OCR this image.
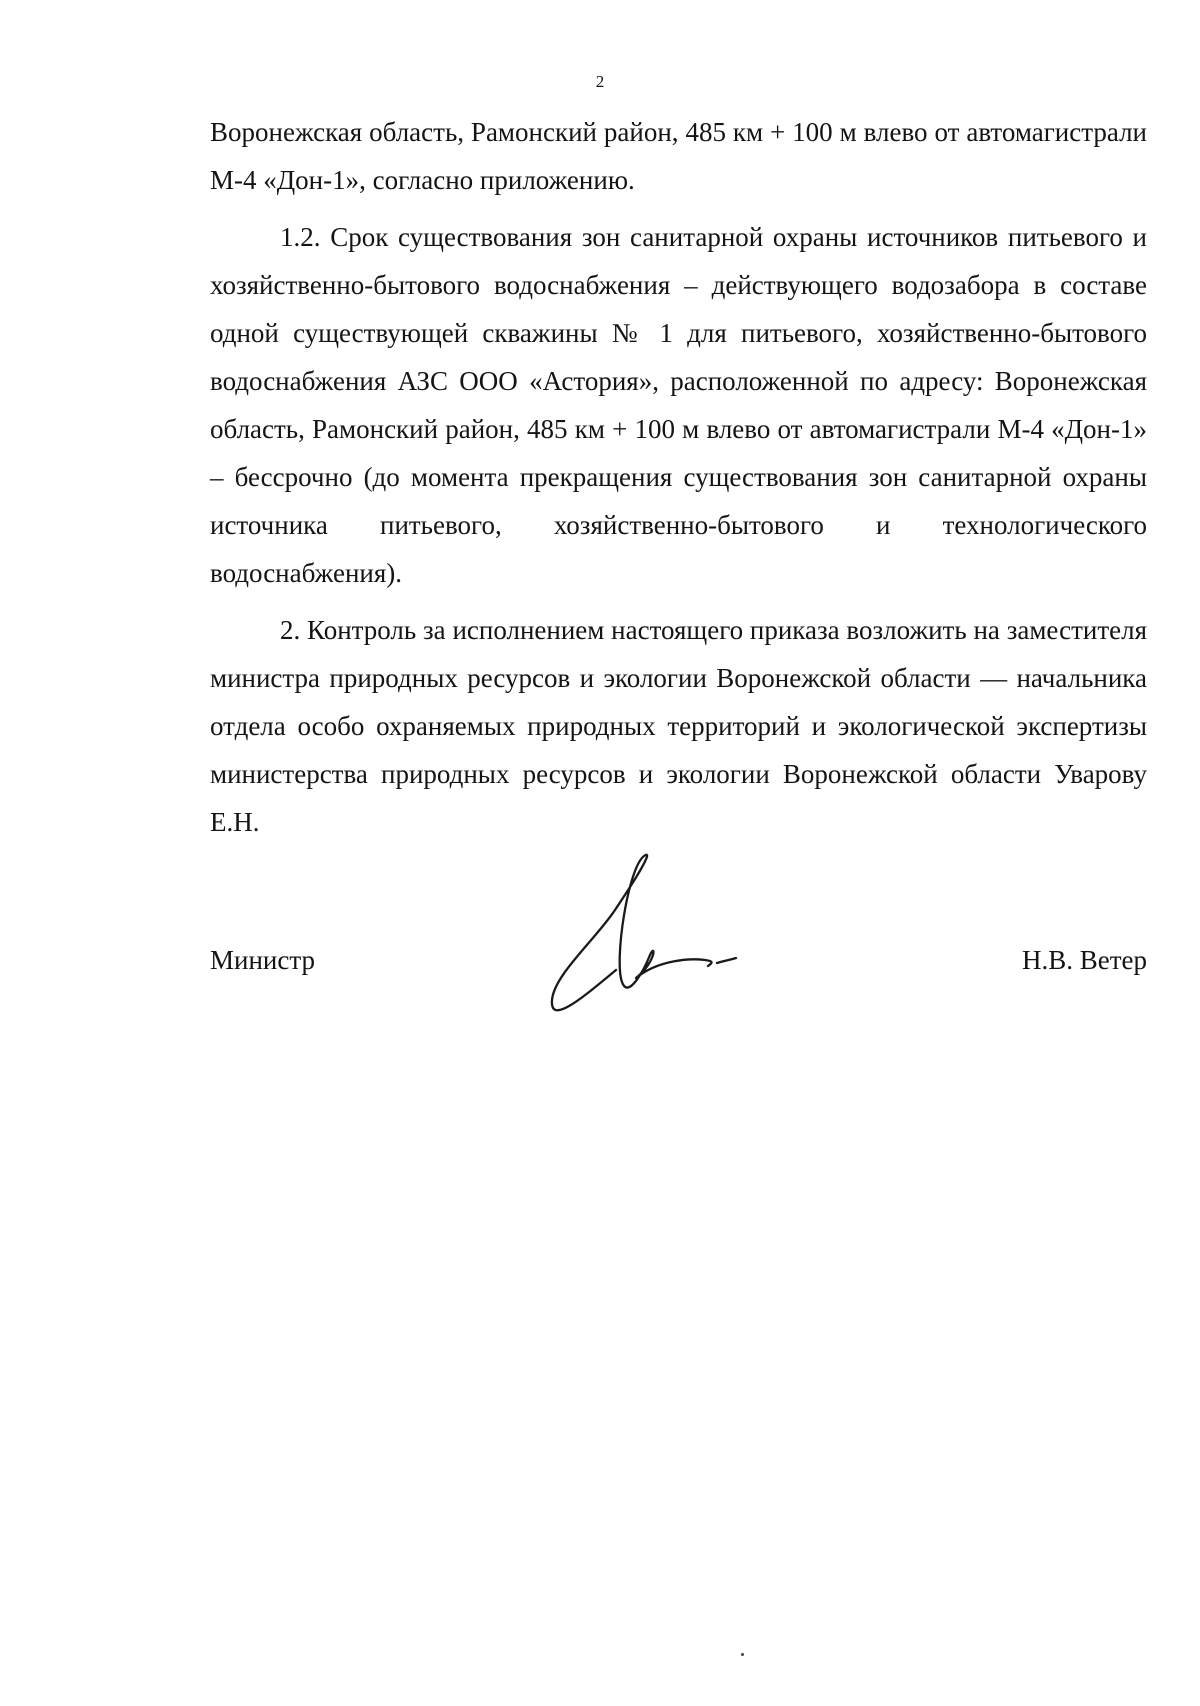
2

Воронежская область, Рамонский район, 485 км + 100 м влево от автомагистрали М-4 «Дон-1», согласно приложению.

1.2. Срок существования зон санитарной охраны источников питьевого и хозяйственно-бытового водоснабжения – действующего водозабора в составе одной существующей скважины № 1 для питьевого, хозяйственно-бытового водоснабжения АЗС ООО «Астория», расположенной по адресу: Воронежская область, Рамонский район, 485 км + 100 м влево от автомагистрали М-4 «Дон-1» – бессрочно (до момента прекращения существования зон санитарной охраны источника питьевого, хозяйственно-бытового и технологического водоснабжения).

2. Контроль за исполнением настоящего приказа возложить на заместителя министра природных ресурсов и экологии Воронежской области — начальника отдела особо охраняемых природных территорий и экологической экспертизы министерства природных ресурсов и экологии Воронежской области Уварову Е.Н.

Министр	Н.В. Ветер
